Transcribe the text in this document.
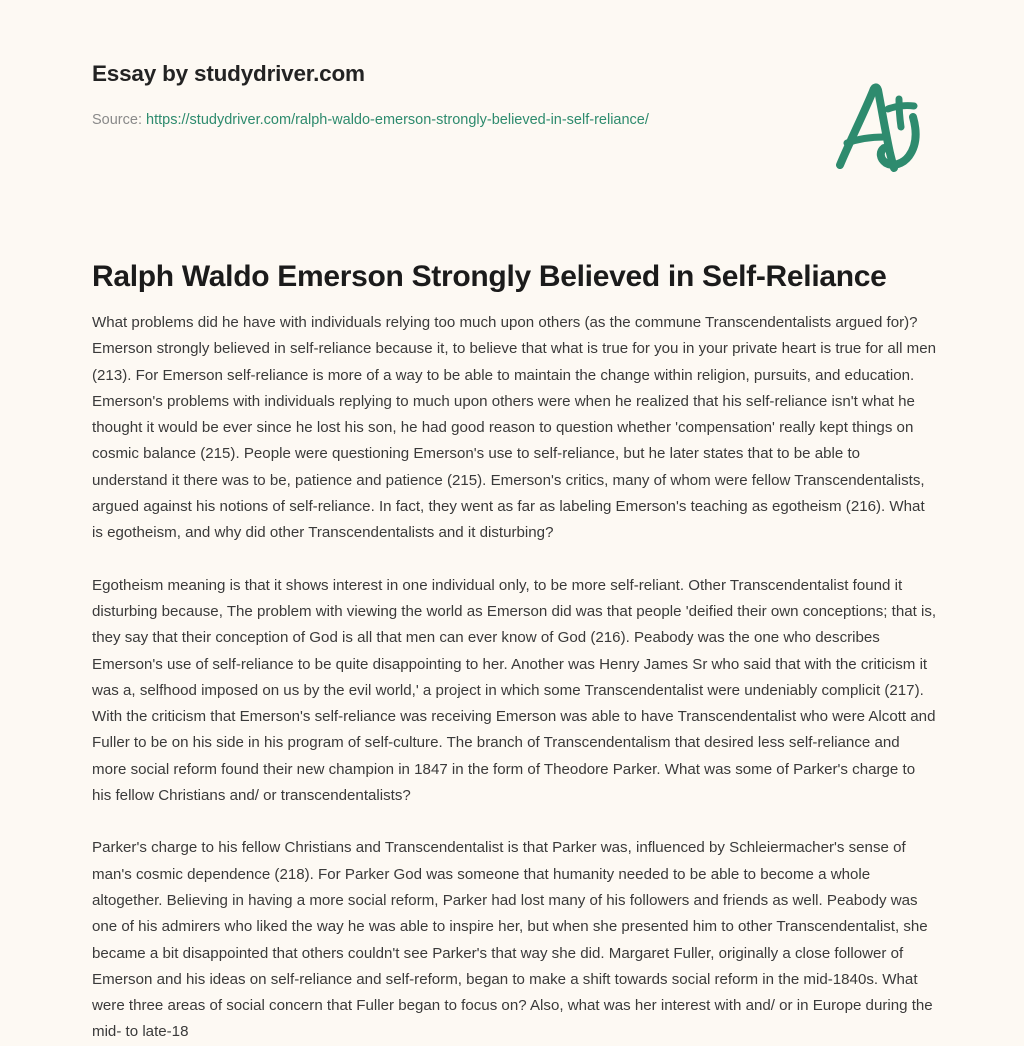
Essay by studydriver.com
Source: https://studydriver.com/ralph-waldo-emerson-strongly-believed-in-self-reliance/
Ralph Waldo Emerson Strongly Believed in Self-Reliance

What problems did he have with individuals relying too much upon others (as the commune Transcendentalists argued for)? Emerson strongly believed in self-reliance because it, to believe that what is true for you in your private heart is true for all men (213). For Emerson self-reliance is more of a way to be able to maintain the change within religion, pursuits, and education. Emerson's problems with individuals replying to much upon others were when he realized that his self-reliance isn't what he thought it would be ever since he lost his son, he had good reason to question whether 'compensation' really kept things on cosmic balance (215). People were questioning Emerson's use to self-reliance, but he later states that to be able to understand it there was to be, patience and patience (215). Emerson's critics, many of whom were fellow Transcendentalists, argued against his notions of self-reliance. In fact, they went as far as labeling Emerson's teaching as egotheism (216). What is egotheism, and why did other Transcendentalists and it disturbing?

Egotheism meaning is that it shows interest in one individual only, to be more self-reliant. Other Transcendentalist found it disturbing because, The problem with viewing the world as Emerson did was that people 'deified their own conceptions; that is, they say that their conception of God is all that men can ever know of God (216). Peabody was the one who describes Emerson's use of self-reliance to be quite disappointing to her. Another was Henry James Sr who said that with the criticism it was a, selfhood imposed on us by the evil world,' a project in which some Transcendentalist were undeniably complicit (217). With the criticism that Emerson's self-reliance was receiving Emerson was able to have Transcendentalist who were Alcott and Fuller to be on his side in his program of self-culture. The branch of Transcendentalism that desired less self-reliance and more social reform found their new champion in 1847 in the form of Theodore Parker. What was some of Parker's charge to his fellow Christians and/ or transcendentalists?

Parker's charge to his fellow Christians and Transcendentalist is that Parker was, influenced by Schleiermacher's sense of man's cosmic dependence (218). For Parker God was someone that humanity needed to be able to become a whole altogether. Believing in having a more social reform, Parker had lost many of his followers and friends as well. Peabody was one of his admirers who liked the way he was able to inspire her, but when she presented him to other Transcendentalist, she became a bit disappointed that others couldn't see Parker's that way she did. Margaret Fuller, originally a close follower of Emerson and his ideas on self-reliance and self-reform, began to make a shift towards social reform in the mid-1840s. What were three areas of social concern that Fuller began to focus on? Also, what was her interest with and/ or in Europe during the mid- to late-18
